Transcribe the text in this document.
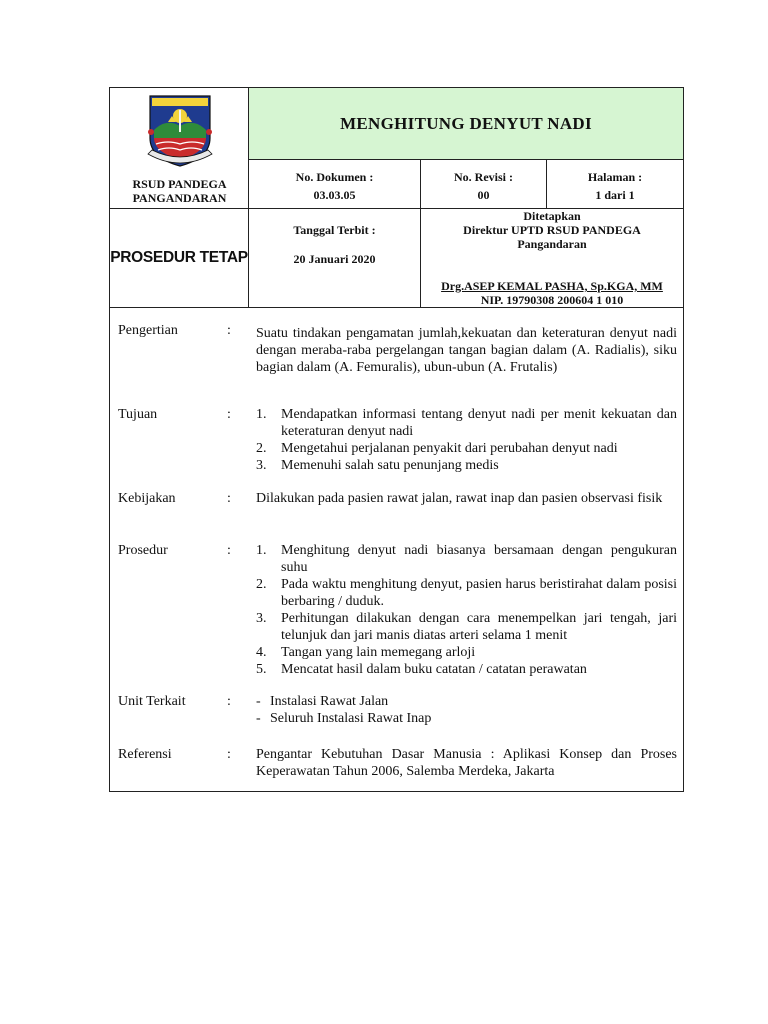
RSUD PANDEGA PANGANDARAN
MENGHITUNG DENYUT NADI
No. Dokumen :
03.03.05
No. Revisi :
00
Halaman :
1 dari 1
PROSEDUR TETAP
Tanggal Terbit :
20 Januari 2020
Ditetapkan
Direktur UPTD RSUD PANDEGA
Pangandaran
Drg.ASEP KEMAL PASHA, Sp.KGA, MM
NIP. 19790308 200604 1 010
Pengertian	: Suatu tindakan pengamatan jumlah,kekuatan dan keteraturan denyut nadi dengan meraba-raba pergelangan tangan bagian dalam (A. Radialis), siku bagian dalam (A. Femuralis), ubun-ubun (A. Frutalis)
Tujuan	: 1. Mendapatkan informasi tentang denyut nadi per menit kekuatan dan keteraturan denyut nadi
2. Mengetahui perjalanan penyakit dari perubahan denyut nadi
3. Memenuhi salah satu penunjang medis
Kebijakan	: Dilakukan pada pasien rawat jalan, rawat inap dan pasien observasi fisik
Prosedur	: 1. Menghitung denyut nadi biasanya bersamaan dengan pengukuran suhu
2. Pada waktu menghitung denyut, pasien harus beristirahat dalam posisi berbaring / duduk.
3. Perhitungan dilakukan dengan cara menempelkan jari tengah, jari telunjuk dan jari manis diatas arteri selama 1 menit
4. Tangan yang lain memegang arloji
5. Mencatat hasil dalam buku catatan / catatan perawatan
Unit Terkait	: - Instalasi Rawat Jalan
- Seluruh Instalasi Rawat Inap
Referensi	: Pengantar Kebutuhan Dasar Manusia : Aplikasi Konsep dan Proses Keperawatan Tahun 2006, Salemba Merdeka, Jakarta
